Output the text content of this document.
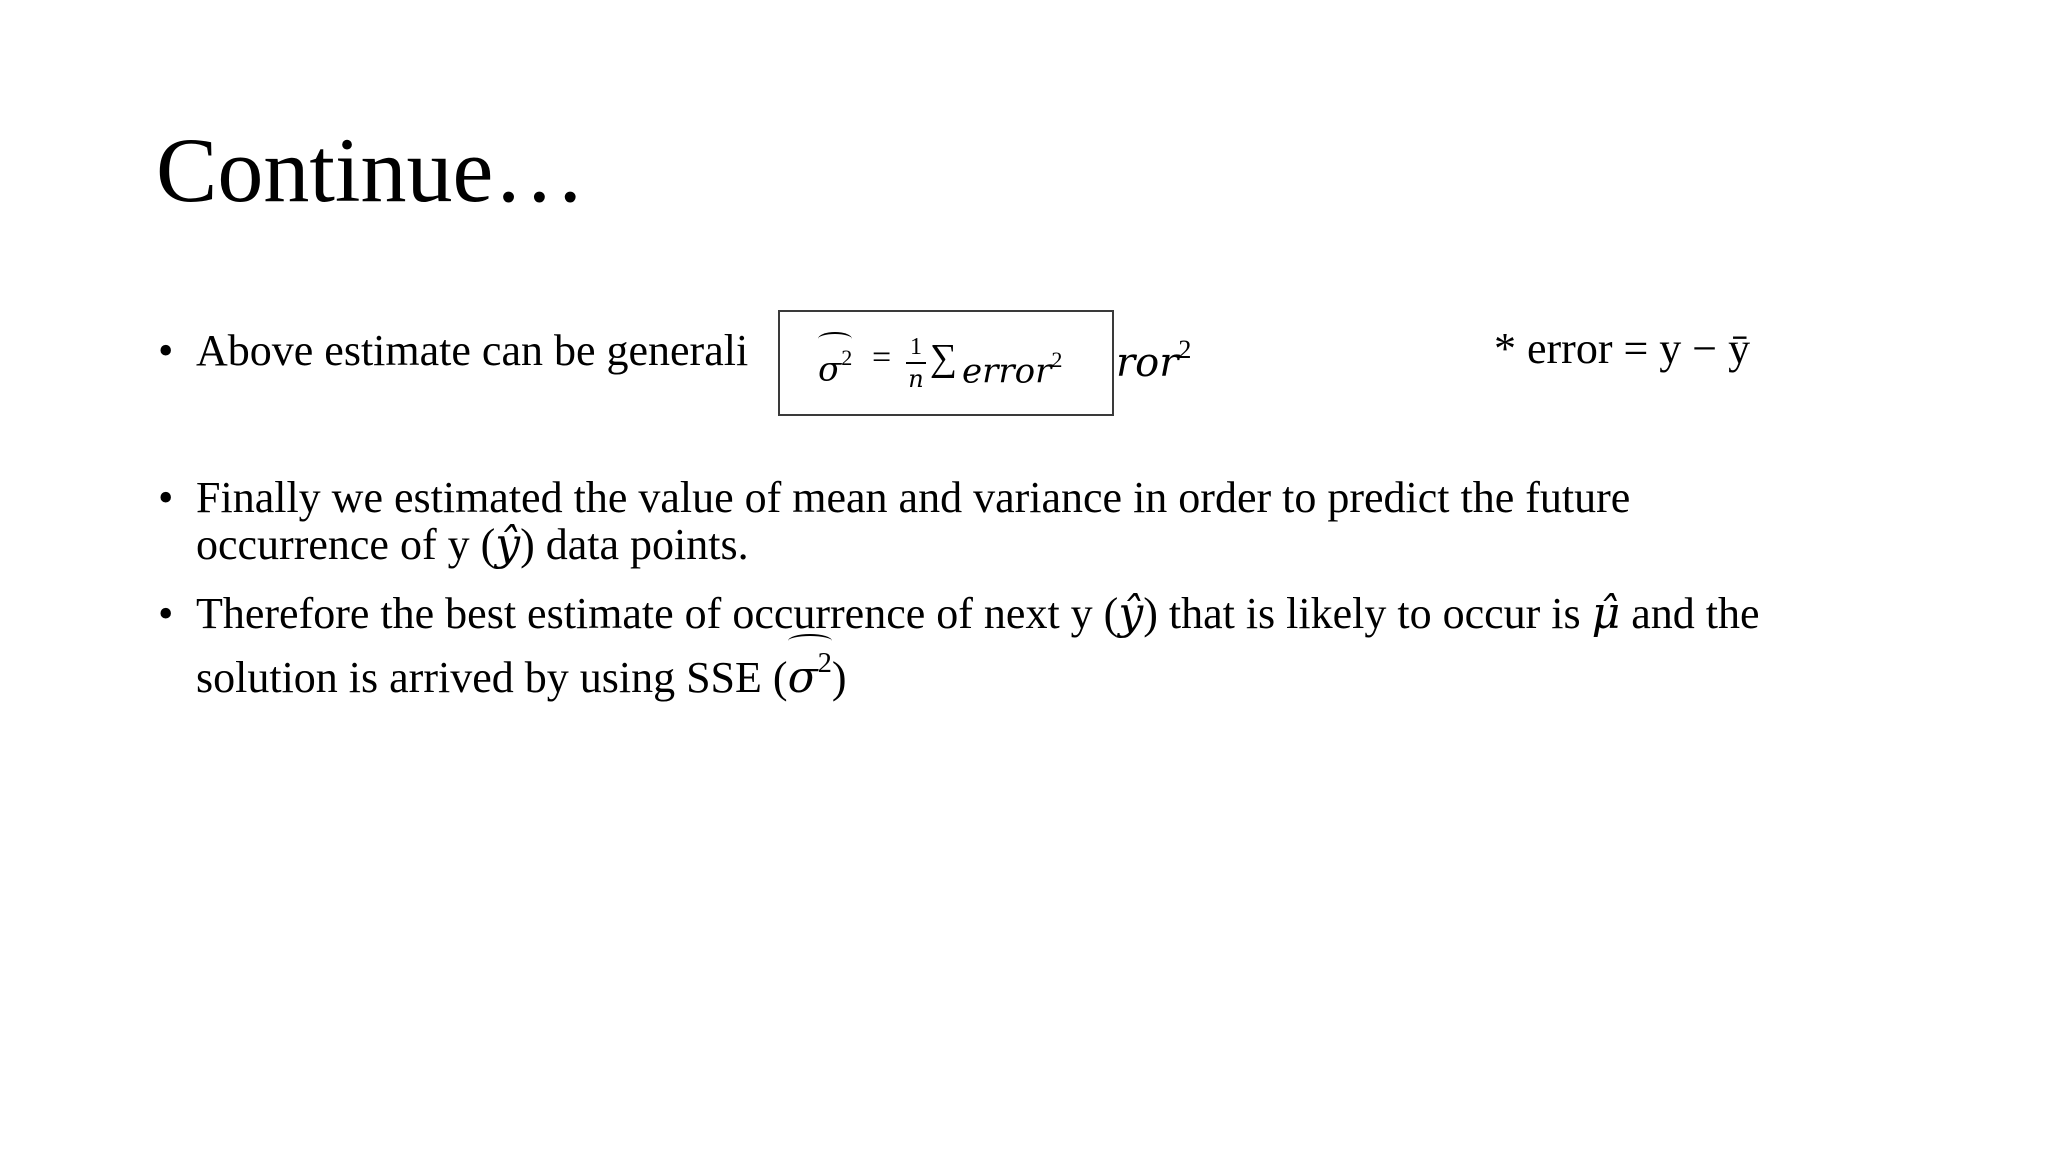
Continue…
• Above estimate can be generali	ror$^2$	* error = y − ȳ
$\sigma^2 = 1$
n ∑ error$^2$
• Finally we estimated the value of mean and variance in order to predict the future
occurrence of y (ŷ) data points.
• Therefore the best estimate of occurrence of next y (ŷ) that is likely to occur is μ̂ and the
solution is arrived by using SSE (
$\sigma^2$)
